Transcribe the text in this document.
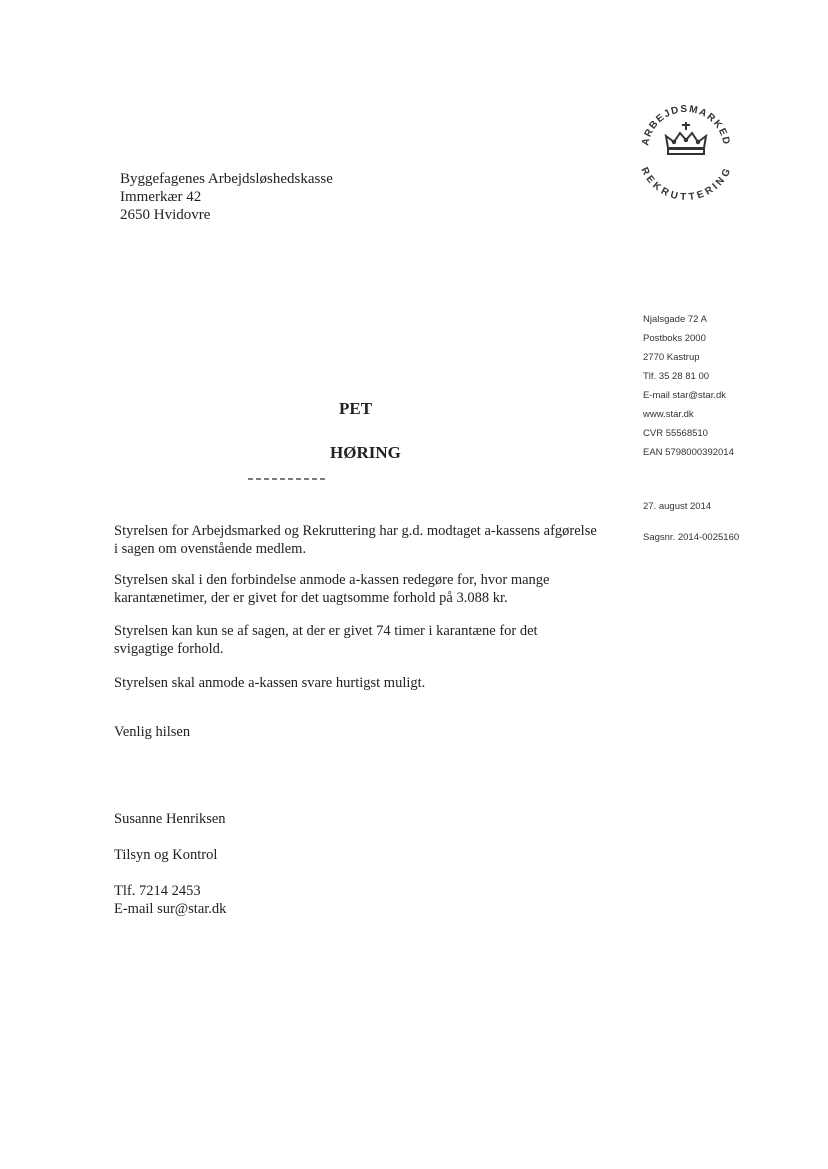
Byggefagenes Arbejdsløshedskasse
Immerkær 42
2650 Hvidovre
ARBEJDSMARKED
REKRUTTERING
Njalsgade 72 A
Postboks 2000
2770 Kastrup
Tlf. 35 28 81 00
E-mail star@star.dk
www.star.dk
CVR 55568510
EAN 5798000392014
27. august 2014
Sagsnr. 2014-0025160
PET
HØRING
Styrelsen for Arbejdsmarked og Rekruttering har g.d. modtaget a-kassens afgørelse
i sagen om ovenstående medlem.
Styrelsen skal i den forbindelse anmode a-kassen redegøre for, hvor mange
karantænetimer, der er givet for det uagtsomme forhold på 3.088 kr.
Styrelsen kan kun se af sagen, at der er givet 74 timer i karantæne for det
svigagtige forhold.
Styrelsen skal anmode a-kassen svare hurtigst muligt.
Venlig hilsen
Susanne Henriksen
Tilsyn og Kontrol
Tlf. 7214 2453
E-mail sur@star.dk
